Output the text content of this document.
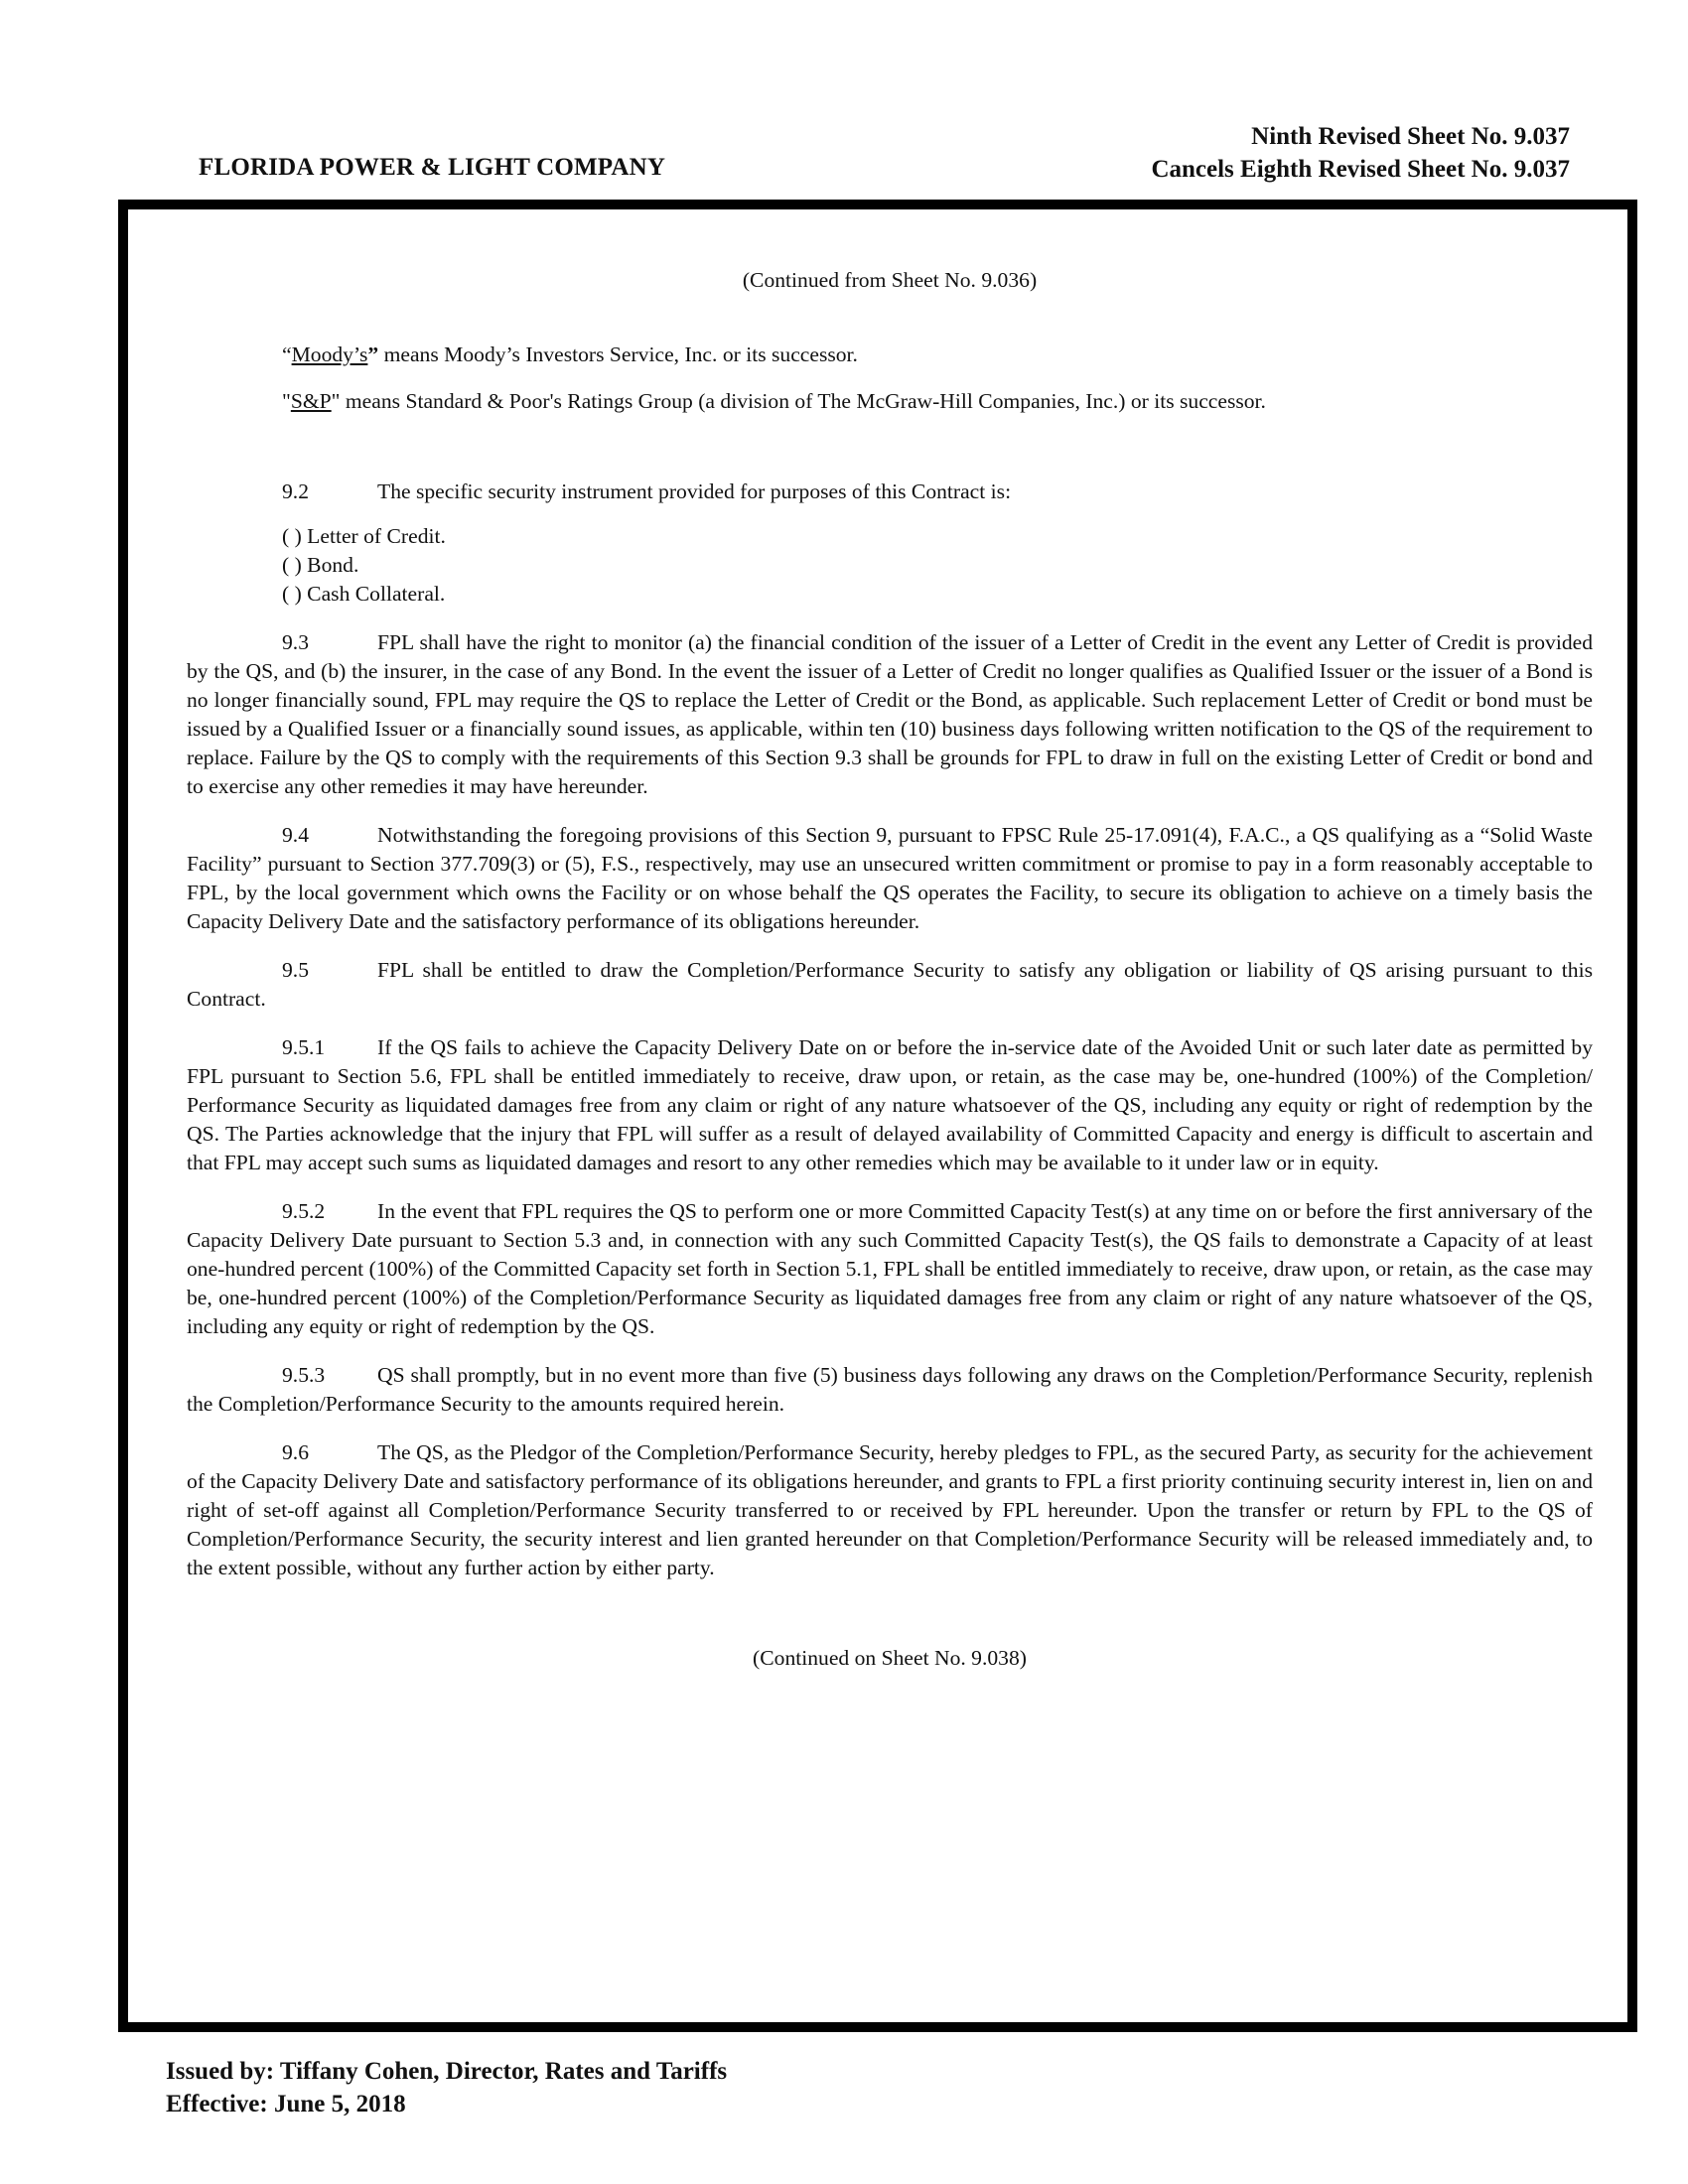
FLORIDA POWER & LIGHT COMPANY
Ninth Revised Sheet No. 9.037
Cancels Eighth Revised Sheet No. 9.037

(Continued from Sheet No. 9.036)

“Moody’s” means Moody’s Investors Service, Inc. or its successor.

"S&P" means Standard & Poor's Ratings Group (a division of The McGraw-Hill Companies, Inc.) or its successor.

9.2	The specific security instrument provided for purposes of this Contract is:

( ) Letter of Credit.
( ) Bond.
( ) Cash Collateral.

9.3	FPL shall have the right to monitor (a) the financial condition of the issuer of a Letter of Credit in the event any Letter of Credit is provided by the QS, and (b) the insurer, in the case of any Bond. In the event the issuer of a Letter of Credit no longer qualifies as Qualified Issuer or the issuer of a Bond is no longer financially sound, FPL may require the QS to replace the Letter of Credit or the Bond, as applicable. Such replacement Letter of Credit or bond must be issued by a Qualified Issuer or a financially sound issues, as applicable, within ten (10) business days following written notification to the QS of the requirement to replace. Failure by the QS to comply with the requirements of this Section 9.3 shall be grounds for FPL to draw in full on the existing Letter of Credit or bond and to exercise any other remedies it may have hereunder.

9.4	Notwithstanding the foregoing provisions of this Section 9, pursuant to FPSC Rule 25-17.091(4), F.A.C., a QS qualifying as a “Solid Waste Facility” pursuant to Section 377.709(3) or (5), F.S., respectively, may use an unsecured written commitment or promise to pay in a form reasonably acceptable to FPL, by the local government which owns the Facility or on whose behalf the QS operates the Facility, to secure its obligation to achieve on a timely basis the Capacity Delivery Date and the satisfactory performance of its obligations hereunder.

9.5	FPL shall be entitled to draw the Completion/Performance Security to satisfy any obligation or liability of QS arising pursuant to this Contract.

9.5.1 If the QS fails to achieve the Capacity Delivery Date on or before the in-service date of the Avoided Unit or such later date as permitted by FPL pursuant to Section 5.6, FPL shall be entitled immediately to receive, draw upon, or retain, as the case may be, one-hundred (100%) of the Completion/ Performance Security as liquidated damages free from any claim or right of any nature whatsoever of the QS, including any equity or right of redemption by the QS. The Parties acknowledge that the injury that FPL will suffer as a result of delayed availability of Committed Capacity and energy is difficult to ascertain and that FPL may accept such sums as liquidated damages and resort to any other remedies which may be available to it under law or in equity.

9.5.2 In the event that FPL requires the QS to perform one or more Committed Capacity Test(s) at any time on or before the first anniversary of the Capacity Delivery Date pursuant to Section 5.3 and, in connection with any such Committed Capacity Test(s), the QS fails to demonstrate a Capacity of at least one-hundred percent (100%) of the Committed Capacity set forth in Section 5.1, FPL shall be entitled immediately to receive, draw upon, or retain, as the case may be, one-hundred percent (100%) of the Completion/Performance Security as liquidated damages free from any claim or right of any nature whatsoever of the QS, including any equity or right of redemption by the QS.

9.5.3 QS shall promptly, but in no event more than five (5) business days following any draws on the Completion/Performance Security, replenish the Completion/Performance Security to the amounts required herein.

9.6	The QS, as the Pledgor of the Completion/Performance Security, hereby pledges to FPL, as the secured Party, as security for the achievement of the Capacity Delivery Date and satisfactory performance of its obligations hereunder, and grants to FPL a first priority continuing security interest in, lien on and right of set-off against all Completion/Performance Security transferred to or received by FPL hereunder. Upon the transfer or return by FPL to the QS of Completion/Performance Security, the security interest and lien granted hereunder on that Completion/Performance Security will be released immediately and, to the extent possible, without any further action by either party.

(Continued on Sheet No. 9.038)

Issued by: Tiffany Cohen, Director, Rates and Tariffs
Effective: June 5, 2018
